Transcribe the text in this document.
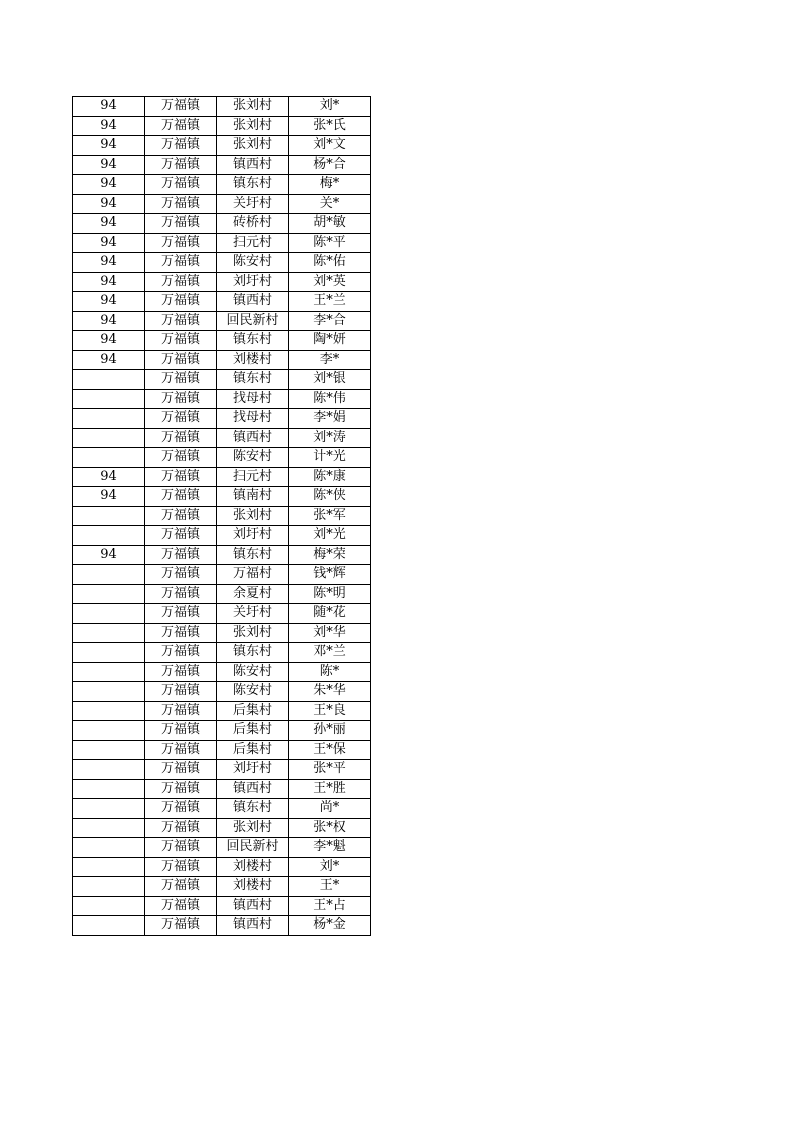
94	万福镇	张刘村	刘*
94	万福镇	张刘村	张*氏
94	万福镇	张刘村	刘*文
94	万福镇	镇西村	杨*合
94	万福镇	镇东村	梅*
94	万福镇	关圩村	关*
94	万福镇	砖桥村	胡*敏
94	万福镇	扫元村	陈*平
94	万福镇	陈安村	陈*佑
94	万福镇	刘圩村	刘*英
94	万福镇	镇西村	王*兰
94	万福镇	回民新村	李*合
94	万福镇	镇东村	陶*妍
94	万福镇	刘楼村	李*
	万福镇	镇东村	刘*银
	万福镇	找母村	陈*伟
	万福镇	找母村	李*娟
	万福镇	镇西村	刘*涛
	万福镇	陈安村	计*光
94	万福镇	扫元村	陈*康
94	万福镇	镇南村	陈*侠
	万福镇	张刘村	张*军
	万福镇	刘圩村	刘*光
94	万福镇	镇东村	梅*荣
	万福镇	万福村	钱*辉
	万福镇	余夏村	陈*明
	万福镇	关圩村	随*花
	万福镇	张刘村	刘*华
	万福镇	镇东村	邓*兰
	万福镇	陈安村	陈*
	万福镇	陈安村	朱*华
	万福镇	后集村	王*良
	万福镇	后集村	孙*丽
	万福镇	后集村	王*保
	万福镇	刘圩村	张*平
	万福镇	镇西村	王*胜
	万福镇	镇东村	尚*
	万福镇	张刘村	张*权
	万福镇	回民新村	李*魁
	万福镇	刘楼村	刘*
	万福镇	刘楼村	王*
	万福镇	镇西村	王*占
	万福镇	镇西村	杨*金
